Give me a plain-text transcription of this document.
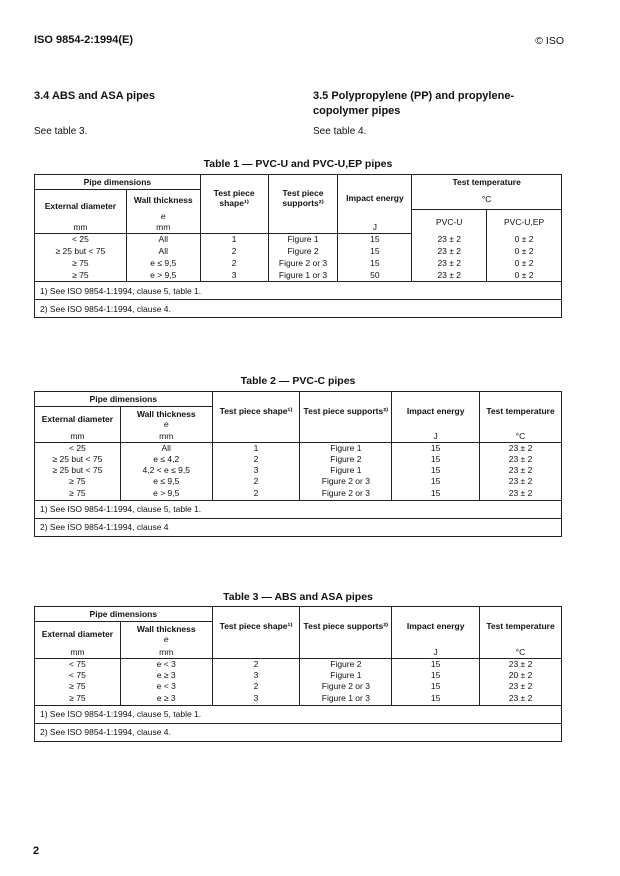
ISO 9854-2:1994(E)	© ISO
3.4 ABS and ASA pipes
See table 3.
3.5 Polypropylene (PP) and propylene-copolymer pipes
See table 4.
Table 1 — PVC-U and PVC-U,EP pipes
Pipe dimensions		Test piece shape¹⁾	Test piece supports²⁾	Impact energy	Test temperature	
External diameter	Wall thickness				°C	
	e				PVC-U	PVC-U,EP
mm	mm			J		
< 25	All	1	Figure 1	15	23 ± 2	0 ± 2
≥ 25 but < 75	All	2	Figure 2	15	23 ± 2	0 ± 2
≥ 75	e ≤ 9,5	2	Figure 2 or 3	15	23 ± 2	0 ± 2
≥ 75	e > 9,5	3	Figure 1 or 3	50	23 ± 2	0 ± 2
1) See ISO 9854-1:1994, clause 5, table 1.						
2) See ISO 9854-1:1994, clause 4.						
Table 2 — PVC-C pipes
Pipe dimensions		Test piece shape¹⁾	Test piece supports²⁾	Impact energy	Test temperature
External diameter	Wall thickness
e				
mm	mm			J	°C
< 25	All	1	Figure 1	15	23 ± 2
≥ 25 but < 75	e ≤ 4,2	2	Figure 2	15	23 ± 2
≥ 25 but < 75	4,2 < e ≤ 9,5	3	Figure 1	15	23 ± 2
≥ 75	e ≤ 9,5	2	Figure 2 or 3	15	23 ± 2
≥ 75	e > 9,5	2	Figure 2 or 3	15	23 ± 2
1) See ISO 9854-1:1994, clause 5, table 1.					
2) See ISO 9854-1:1994, clause 4					
Table 3 — ABS and ASA pipes
Pipe dimensions		Test piece shape¹⁾	Test piece supports²⁾	Impact energy	Test temperature
External diameter	Wall thickness
e				
mm	mm			J	°C
< 75	e < 3	2	Figure 2	15	23 ± 2
< 75	e ≥ 3	3	Figure 1	15	20 ± 2
≥ 75	e < 3	2	Figure 2 or 3	15	23 ± 2
≥ 75	e ≥ 3	3	Figure 1 or 3	15	23 ± 2
1) See ISO 9854-1:1994, clause 5, table 1.					
2) See ISO 9854-1:1994, clause 4.					
2
